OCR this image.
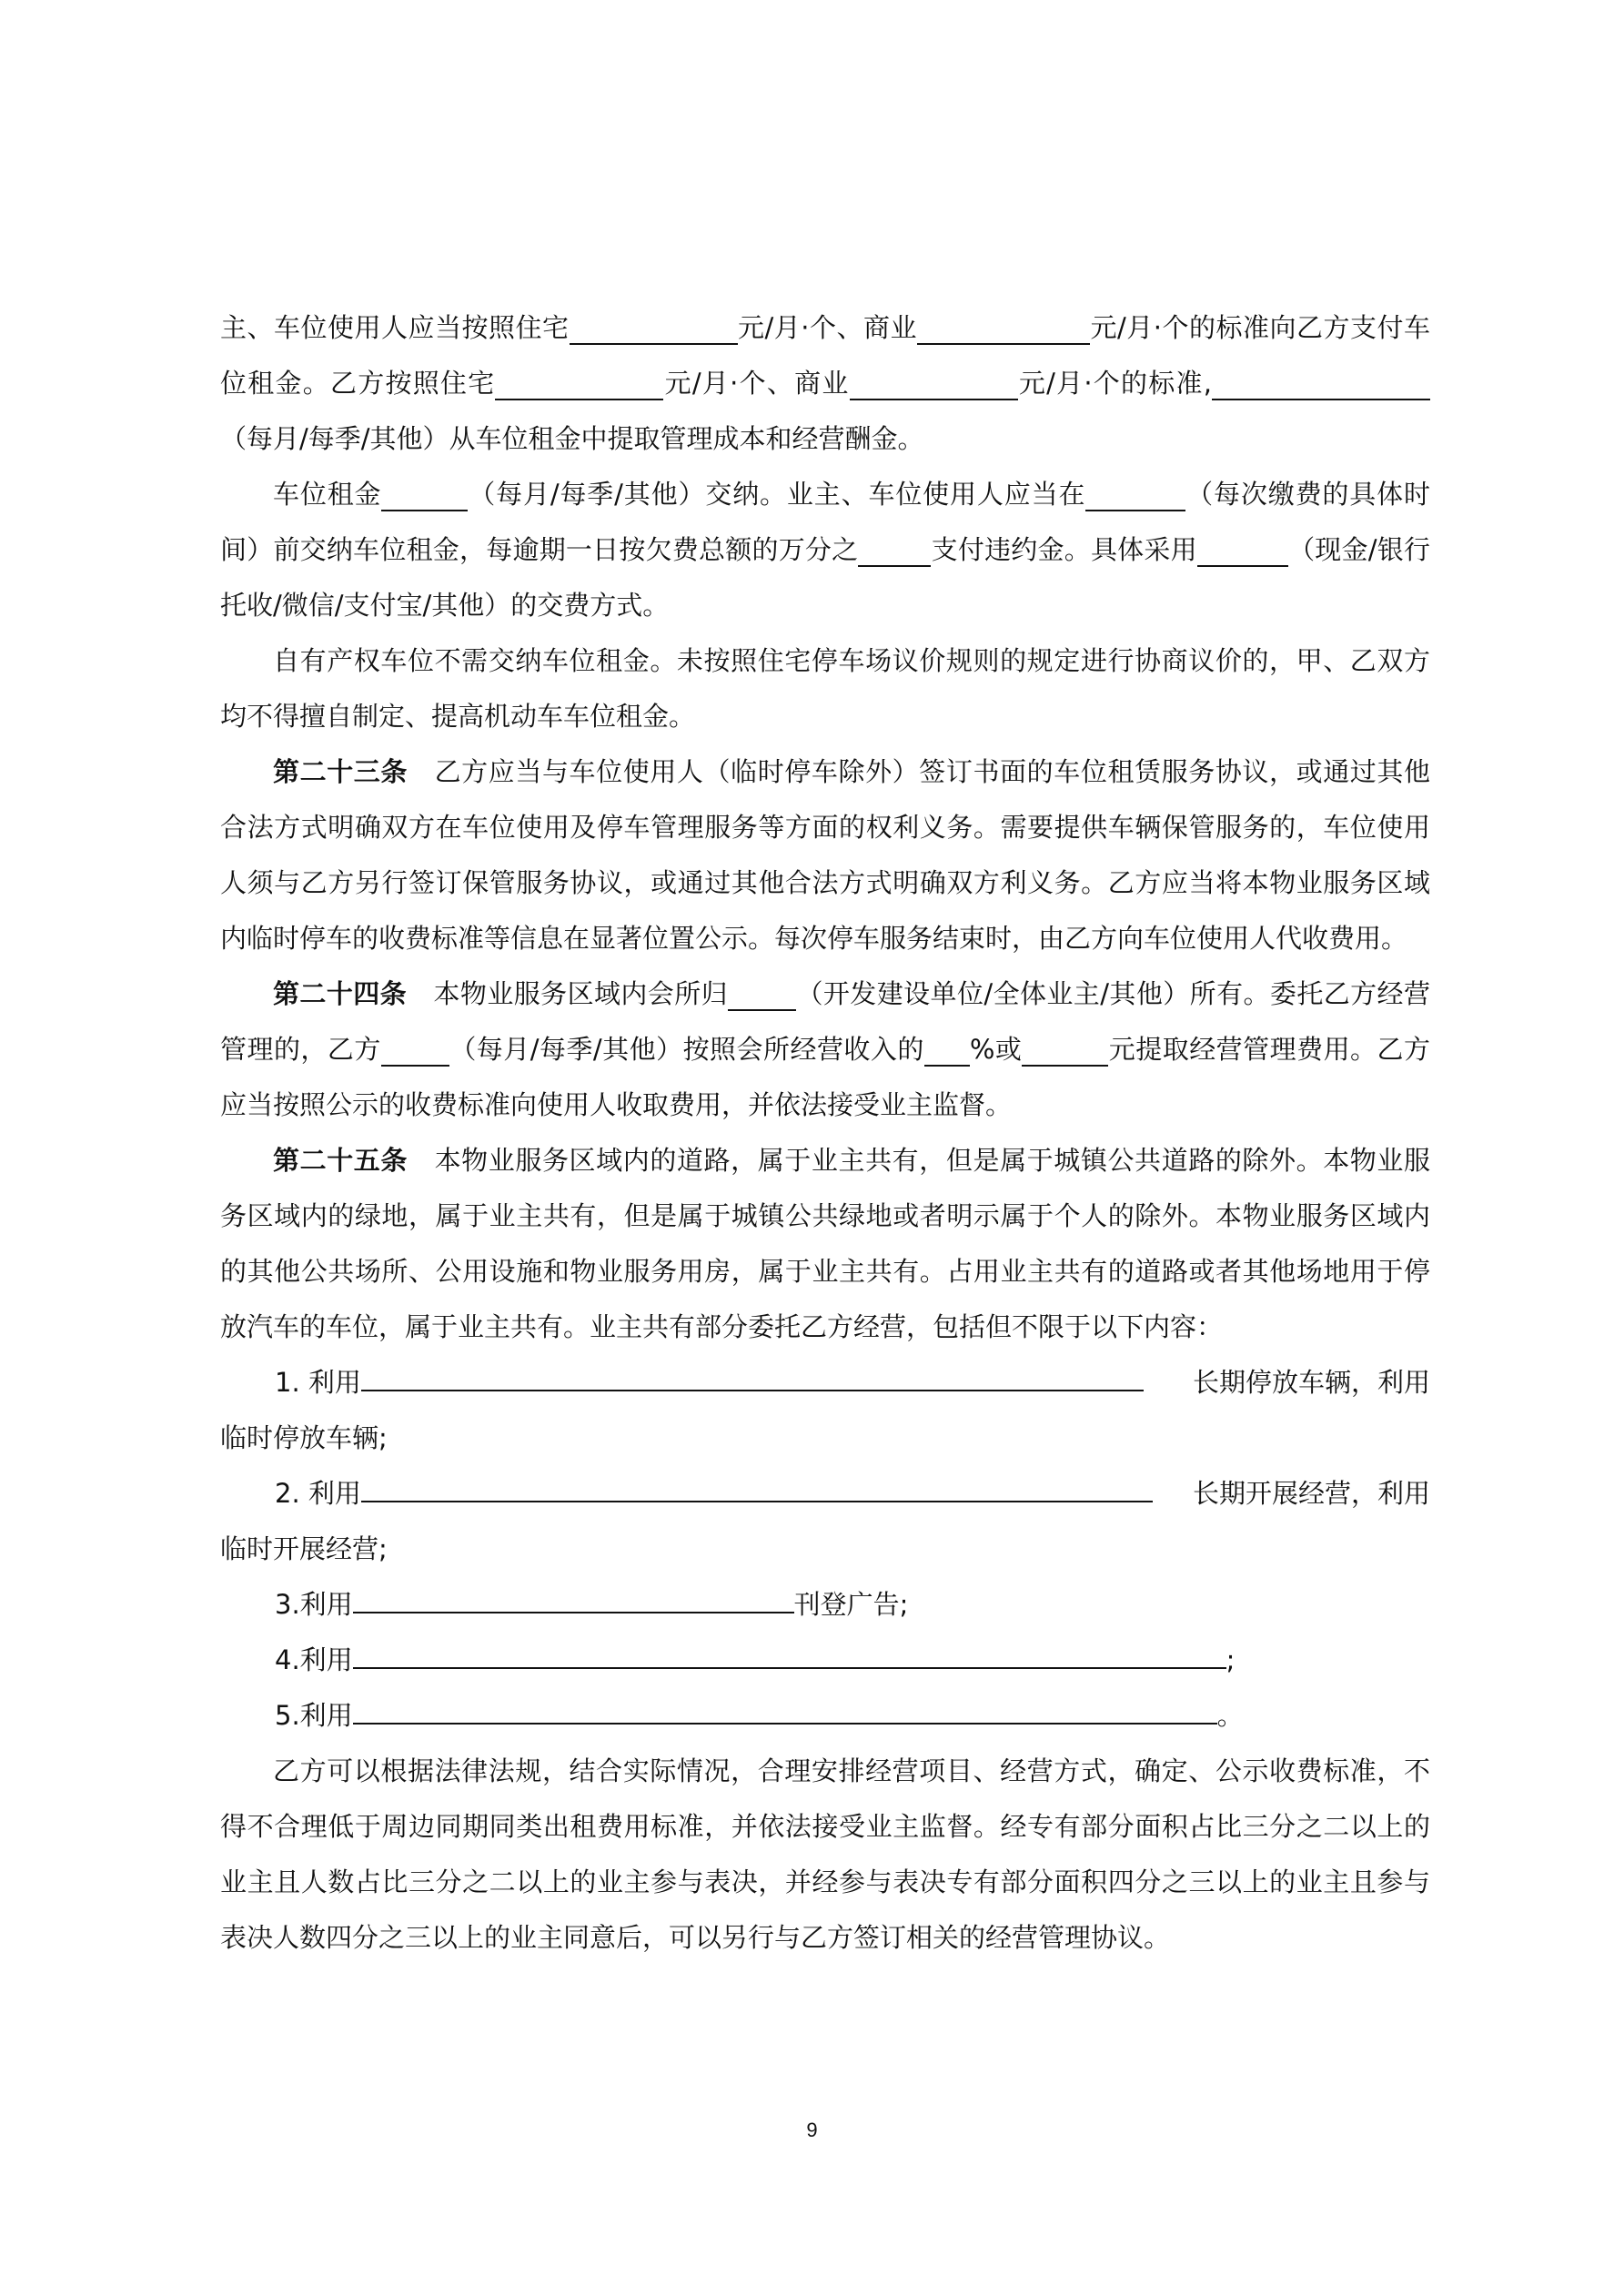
主、车位使用人应当按照住宅	元/月·个、商业	元/月·个的标准向乙方支付车位租金。乙方按照住宅	元/月·个、商业	元/月·个的标准,（每月/每季/其他）从车位租金中提取管理成本和经营酬金。

车位租金	（每月/每季/其他）交纳。业主、车位使用人应当在	（每次缴费的具体时间）前交纳车位租金，每逾期一日按欠费总额的万分之	支付违约金。具体采用	（现金/银行托收/微信/支付宝/其他）的交费方式。

自有产权车位不需交纳车位租金。未按照住宅停车场议价规则的规定进行协商议价的，甲、乙双方均不得擅自制定、提高机动车车位租金。

第二十三条  乙方应当与车位使用人（临时停车除外）签订书面的车位租赁服务协议，或通过其他合法方式明确双方在车位使用及停车管理服务等方面的权利义务。需要提供车辆保管服务的，车位使用人须与乙方另行签订保管服务协议，或通过其他合法方式明确双方利义务。乙方应当将本物业服务区域内临时停车的收费标准等信息在显著位置公示。每次停车服务结束时，由乙方向车位使用人代收费用。

第二十四条  本物业服务区域内会所归	（开发建设单位/全体业主/其他）所有。委托乙方经营管理的，乙方	（每月/每季/其他）按照会所经营收入的 %或	元提取经营管理费用。乙方应当按照公示的收费标准向使用人收取费用，并依法接受业主监督。

第二十五条  本物业服务区域内的道路，属于业主共有，但是属于城镇公共道路的除外。本物业服务区域内的绿地，属于业主共有，但是属于城镇公共绿地或者明示属于个人的除外。本物业服务区域内的其他公共场所、公用设施和物业服务用房，属于业主共有。占用业主共有的道路或者其他场地用于停放汽车的车位，属于业主共有。业主共有部分委托乙方经营，包括但不限于以下内容：

1. 利用	长期停放车辆，利用

临时停放车辆;

2. 利用	长期开展经营，利用

临时开展经营;

3.利用	刊登广告;
4.利用	;
5.利用	。

乙方可以根据法律法规，结合实际情况，合理安排经营项目、经营方式，确定、公示收费标准，不得不合理低于周边同期同类出租费用标准，并依法接受业主监督。经专有部分面积占比三分之二以上的业主且人数占比三分之二以上的业主参与表决，并经参与表决专有部分面积四分之三以上的业主且参与表决人数四分之三以上的业主同意后，可以另行与乙方签订相关的经营管理协议。

9
